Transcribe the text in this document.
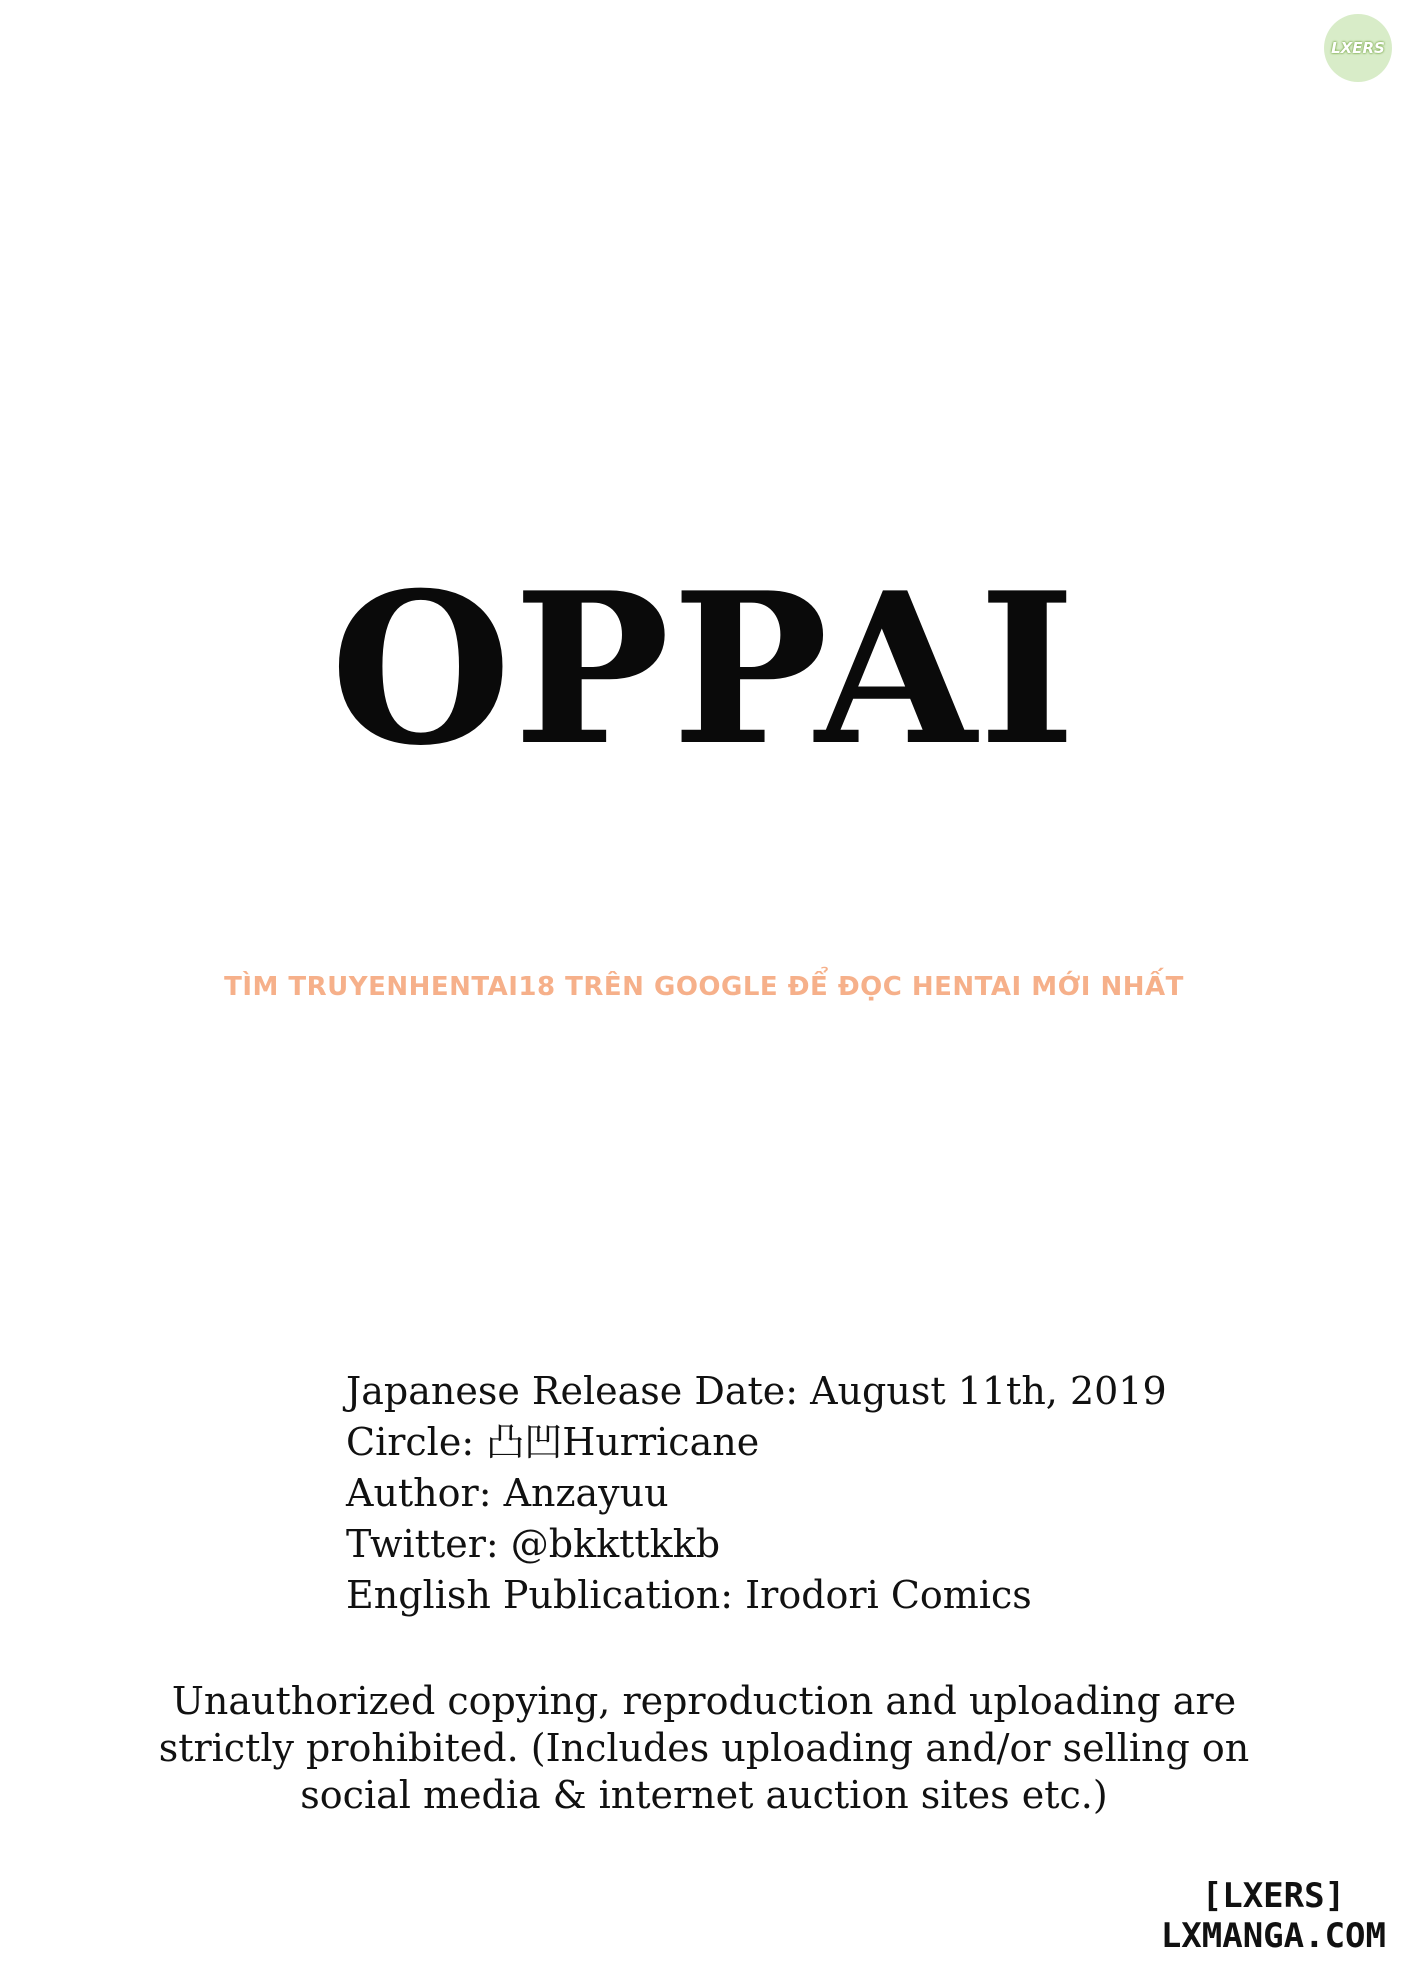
LXERS
OPPAI
TÌM TRUYENHENTAI18 TRÊN GOOGLE ĐỂ ĐỌC HENTAI MỚI NHẤT
Japanese Release Date: August 11th, 2019
Circle: 凸凹Hurricane
Author: Anzayuu
Twitter: @bkkttkkb
English Publication: Irodori Comics
Unauthorized copying, reproduction and uploading are
strictly prohibited. (Includes uploading and/or selling on
social media & internet auction sites etc.)
[LXERS]
LXMANGA.COM
